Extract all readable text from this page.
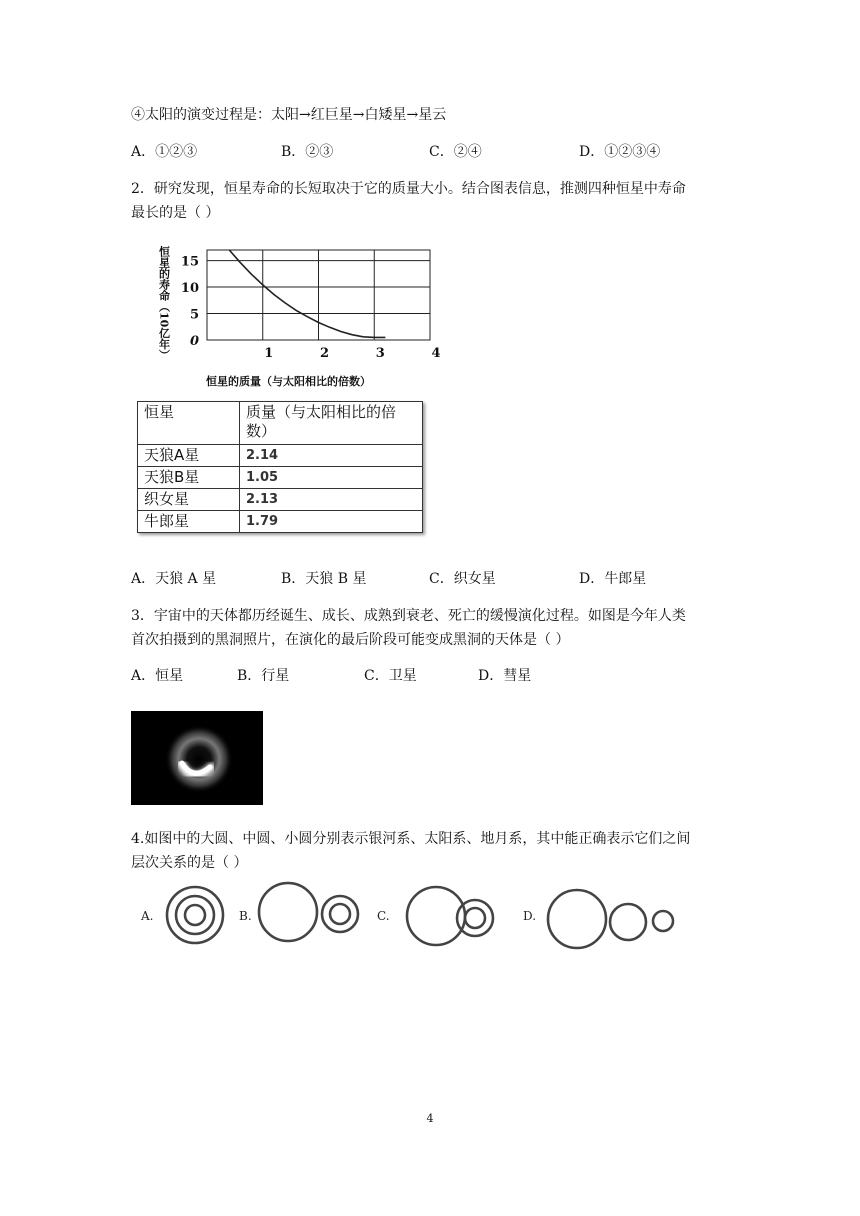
④太阳的演变过程是：太阳→红巨星→白矮星→星云
A．①②③	B．②③	C．②④	D．①②③④
2．研究发现，恒星寿命的长短取决于它的质量大小。结合图表信息，推测四种恒星中寿命
最长的是（ ）
15
10
5
0
1	2	3	4
恒星的寿命（10亿年）
恒星的质量（与太阳相比的倍数）
恒星	质量（与太阳相比的倍数）
天狼A星	2.14
天狼B星	1.05
织女星	2.13
牛郎星	1.79
A．天狼 A 星	B．天狼 B 星	C．织女星	D．牛郎星
3．宇宙中的天体都历经诞生、成长、成熟到衰老、死亡的缓慢演化过程。如图是今年人类
首次拍摄到的黑洞照片，在演化的最后阶段可能变成黑洞的天体是（ ）
A．恒星	B．行星	C．卫星	D．彗星
4.如图中的大圆、中圆、小圆分别表示银河系、太阳系、地月系，其中能正确表示它们之间
层次关系的是（ ）
A.	B.	C.	D.
4
